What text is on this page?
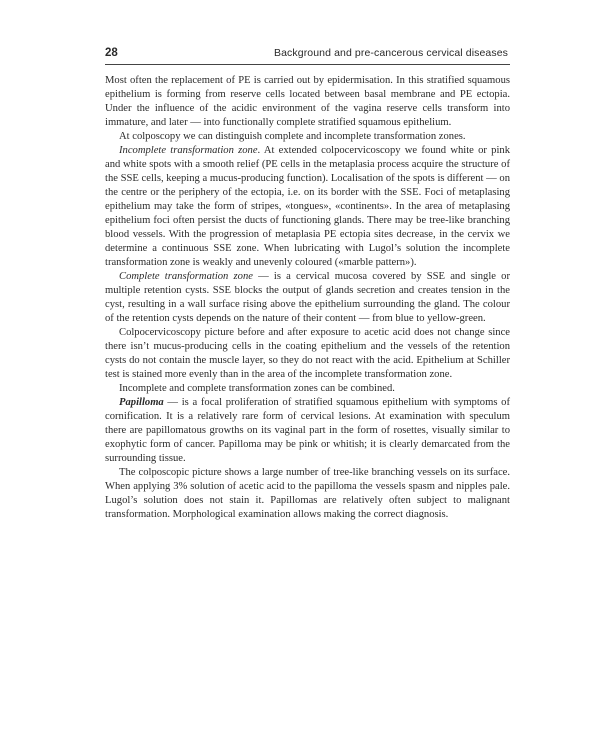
28	Background and pre-cancerous cervical diseases

Most often the replacement of PE is carried out by epidermisation. In this stratified squamous epithelium is forming from reserve cells located between basal membrane and PE ectopia. Under the influence of the acidic environment of the vagina reserve cells transform into immature, and later — into functionally complete stratified squamous epithelium.

At colposcopy we can distinguish complete and incomplete transformation zones.

Incomplete transformation zone. At extended colpocervicoscopy we found white or pink and white spots with a smooth relief (PE cells in the metaplasia process acquire the structure of the SSE cells, keeping a mucus-producing function). Localisation of the spots is different — on the centre or the periphery of the ectopia, i.e. on its border with the SSE. Foci of metaplasing epithelium may take the form of stripes, «tongues», «continents». In the area of metaplasing epithelium foci often persist the ducts of functioning glands. There may be tree-like branching blood vessels. With the progression of metaplasia PE ectopia sites decrease, in the cervix we determine a continuous SSE zone. When lubricating with Lugol’s solution the incomplete transformation zone is weakly and unevenly coloured («marble pattern»).

Complete transformation zone — is a cervical mucosa covered by SSE and single or multiple retention cysts. SSE blocks the output of glands secretion and creates tension in the cyst, resulting in a wall surface rising above the epithelium surrounding the gland. The colour of the retention cysts depends on the nature of their content — from blue to yellow-green.

Colpocervicoscopy picture before and after exposure to acetic acid does not change since there isn’t mucus-producing cells in the coating epithelium and the vessels of the retention cysts do not contain the muscle layer, so they do not react with the acid. Epithelium at Schiller test is stained more evenly than in the area of the incomplete transformation zone.

Incomplete and complete transformation zones can be combined.

Papilloma — is a focal proliferation of stratified squamous epithelium with symptoms of cornification. It is a relatively rare form of cervical lesions. At examination with speculum there are papillomatous growths on its vaginal part in the form of rosettes, visually similar to exophytic form of cancer. Papilloma may be pink or whitish; it is clearly demarcated from the surrounding tissue.

The colposcopic picture shows a large number of tree-like branching vessels on its surface. When applying 3% solution of acetic acid to the papilloma the vessels spasm and nipples pale. Lugol’s solution does not stain it. Papillomas are relatively often subject to malignant transformation. Morphological examination allows making the correct diagnosis.
